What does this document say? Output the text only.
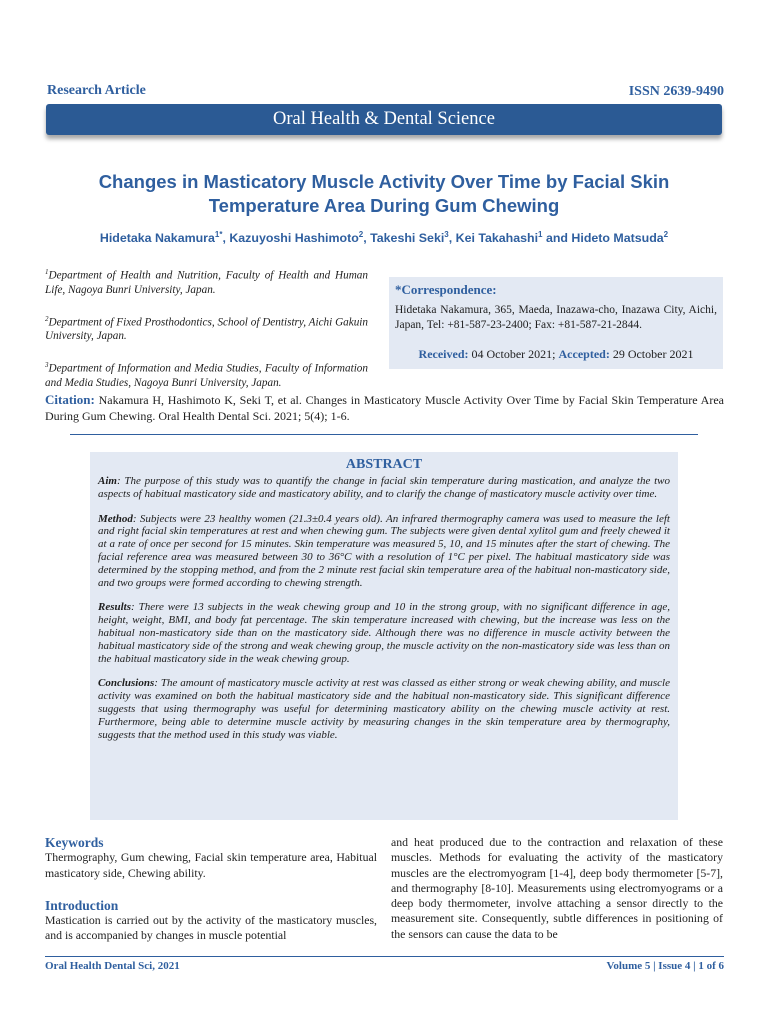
Research Article	ISSN 2639-9490
Oral Health & Dental Science
Changes in Masticatory Muscle Activity Over Time by Facial Skin Temperature Area During Gum Chewing
Hidetaka Nakamura$^{1*}$, Kazuyoshi Hashimoto$^2$, Takeshi Seki$^3$, Kei Takahashi$^1$ and Hideto Matsuda$^2$

$^1$Department of Health and Nutrition, Faculty of Health and Human Life, Nagoya Bunri University, Japan.

$^2$Department of Fixed Prosthodontics, School of Dentistry, Aichi Gakuin University, Japan.

$^3$Department of Information and Media Studies, Faculty of Information and Media Studies, Nagoya Bunri University, Japan.

*Correspondence:
Hidetaka Nakamura, 365, Maeda, Inazawa-cho, Inazawa City, Aichi, Japan, Tel: +81-587-23-2400; Fax: +81-587-21-2844.
Received: 04 October 2021; Accepted: 29 October 2021
Citation: Nakamura H, Hashimoto K, Seki T, et al. Changes in Masticatory Muscle Activity Over Time by Facial Skin Temperature Area During Gum Chewing. Oral Health Dental Sci. 2021; 5(4); 1-6.
ABSTRACT

Aim: The purpose of this study was to quantify the change in facial skin temperature during mastication, and analyze the two aspects of habitual masticatory side and masticatory ability, and to clarify the change of masticatory muscle activity over time.

Method: Subjects were 23 healthy women (21.3±0.4 years old). An infrared thermography camera was used to measure the left and right facial skin temperatures at rest and when chewing gum. The subjects were given dental xylitol gum and freely chewed it at a rate of once per second for 15 minutes. Skin temperature was measured 5, 10, and 15 minutes after the start of chewing. The facial reference area was measured between 30 to 36°C with a resolution of 1°C per pixel. The habitual masticatory side was determined by the stopping method, and from the 2 minute rest facial skin temperature area of the habitual non-masticatory side, and two groups were formed according to chewing strength.

Results: There were 13 subjects in the weak chewing group and 10 in the strong group, with no significant difference in age, height, weight, BMI, and body fat percentage. The skin temperature increased with chewing, but the increase was less on the habitual non-masticatory side than on the masticatory side. Although there was no difference in muscle activity between the habitual masticatory side of the strong and weak chewing group, the muscle activity on the non-masticatory side was less than on the habitual masticatory side in the weak chewing group.

Conclusions: The amount of masticatory muscle activity at rest was classed as either strong or weak chewing ability, and muscle activity was examined on both the habitual masticatory side and the habitual non-masticatory side. This significant difference suggests that using thermography was useful for determining masticatory ability on the chewing muscle activity at rest. Furthermore, being able to determine muscle activity by measuring changes in the skin temperature area by thermography, suggests that the method used in this study was viable.

Keywords

Thermography, Gum chewing, Facial skin temperature area, Habitual masticatory side, Chewing ability.

Introduction

Mastication is carried out by the activity of the masticatory muscles, and is accompanied by changes in muscle potential

and heat produced due to the contraction and relaxation of these muscles. Methods for evaluating the activity of the masticatory muscles are the electromyogram [1-4], deep body thermometer [5-7], and thermography [8-10]. Measurements using electromyograms or a deep body thermometer, involve attaching a sensor directly to the measurement site. Consequently, subtle differences in positioning of the sensors can cause the data to be

Oral Health Dental Sci, 2021	Volume 5 | Issue 4 | 1 of 6
